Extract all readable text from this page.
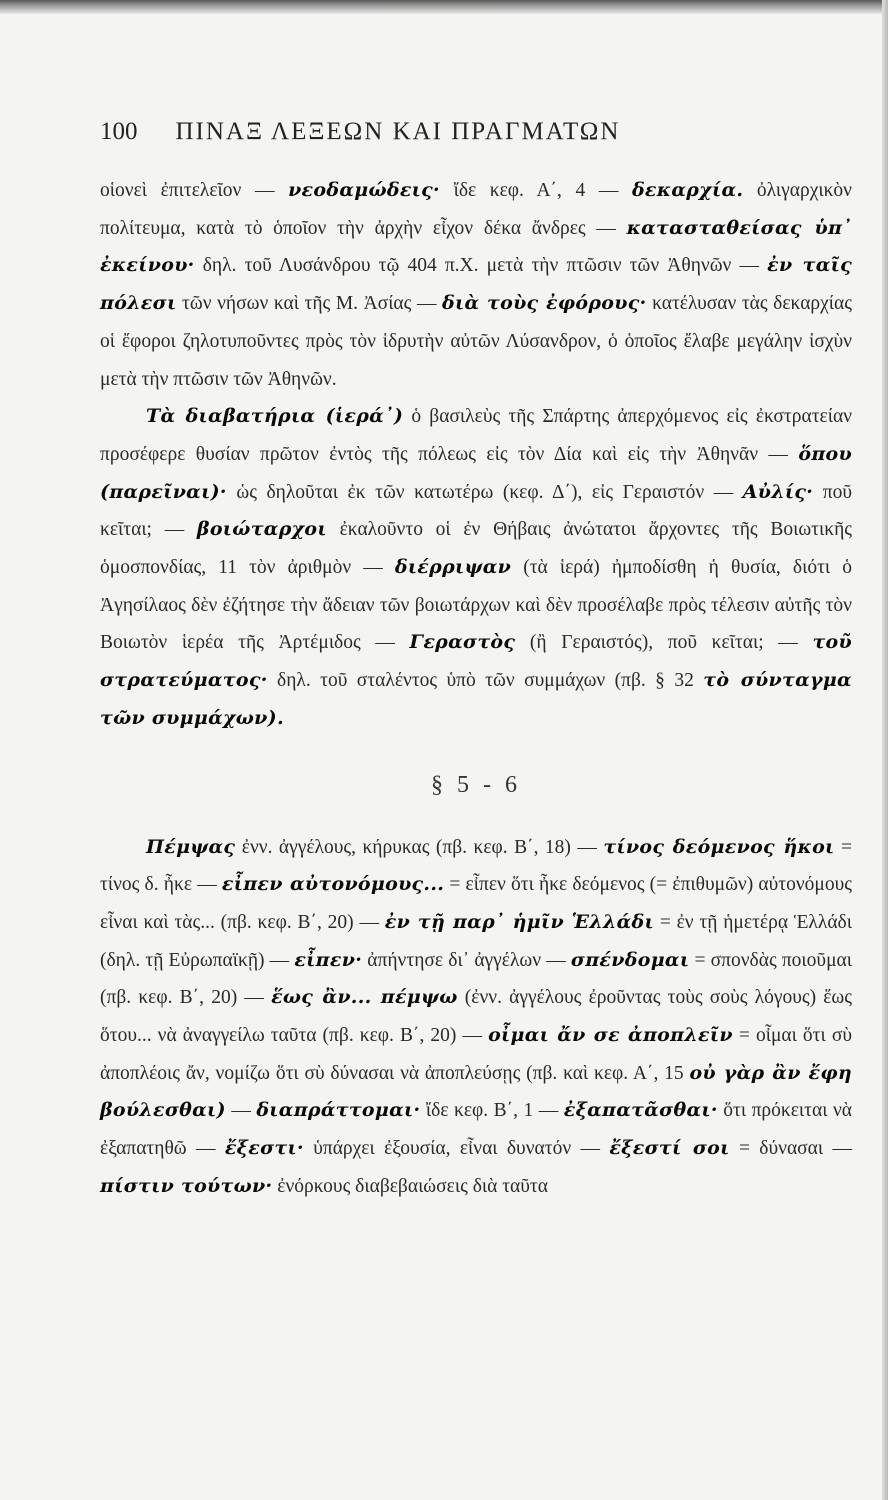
100 ΠΙΝΑΞ ΛΕΞΕΩΝ ΚΑΙ ΠΡΑΓΜΑΤΩΝ
οἱονεὶ ἐπιτελεῖον — νεοδαμώδεις· ἴδε κεφ. Α΄, 4 — δεκαρχία. ὀλιγαρχικὸν πολίτευμα, κατὰ τὸ ὁποῖον τὴν ἀρχὴν εἶχον δέκα ἄνδρες — κατασταθείσας ὑπ᾽ ἐκείνου· δηλ. τοῦ Λυσάνδρου τῷ 404 π.Χ. μετὰ τὴν πτῶσιν τῶν Ἀθηνῶν — ἐν ταῖς πόλεσι τῶν νήσων καὶ τῆς Μ. Ἀσίας — διὰ τοὺς ἐφόρους· κατέλυσαν τὰς δεκαρχίας οἱ ἔφοροι ζηλοτυποῦντες πρὸς τὸν ἱδρυτὴν αὐτῶν Λύσανδρον, ὁ ὁποῖος ἔλαβε μεγάλην ἰσχὺν μετὰ τὴν πτῶσιν τῶν Ἀθηνῶν.
Τὰ διαβατήρια (ἱερά᾽) ὁ βασιλεὺς τῆς Σπάρτης ἀπερχόμενος εἰς ἐκστρατείαν προσέφερε θυσίαν πρῶτον ἐντὸς τῆς πόλεως εἰς τὸν Δία καὶ εἰς τὴν Ἀθηνᾶν — ὅπου (παρεῖναι)· ὡς δηλοῦται ἐκ τῶν κατωτέρω (κεφ. Δ΄), εἰς Γεραιστόν — Αὐλίς· ποῦ κεῖται; — βοιώταρχοι ἐκαλοῦντο οἱ ἐν Θήβαις ἀνώτατοι ἄρχοντες τῆς Βοιωτικῆς ὁμοσπονδίας, 11 τὸν ἀριθμὸν — διέρριψαν (τὰ ἱερά) ἠμποδίσθη ἡ θυσία, διότι ὁ Ἀγησίλαος δὲν ἐζήτησε τὴν ἄδειαν τῶν βοιωτάρχων καὶ δὲν προσέλαβε πρὸς τέλεσιν αὐτῆς τὸν Βοιωτὸν ἱερέα τῆς Ἀρτέμιδος — Γεραστὸς (ἢ Γεραιστός), ποῦ κεῖται; — τοῦ στρατεύματος· δηλ. τοῦ σταλέντος ὑπὸ τῶν συμμάχων (πβ. § 32 τὸ σύνταγμα τῶν συμμάχων).
§ 5 - 6
Πέμψας ἐνν. ἀγγέλους, κήρυκας (πβ. κεφ. Β΄, 18) — τίνος δεόμενος ἥκοι = τίνος δ. ἦκε — εἶπεν αὐτονόμους... = εἶπεν ὅτι ἦκε δεόμενος (= ἐπιθυμῶν) αὐτονόμους εἶναι καὶ τὰς... (πβ. κεφ. Β΄, 20) — ἐν τῇ παρ᾽ ἡμῖν Ἑλλάδι = ἐν τῇ ἡμετέρᾳ Ἑλλάδι (δηλ. τῇ Εὐρωπαϊκῇ) — εἶπεν· ἀπήντησε δι᾽ ἀγγέλων — σπένδομαι = σπονδὰς ποιοῦμαι (πβ. κεφ. Β΄, 20) — ἕως ἂν... πέμψω (ἐνν. ἀγγέλους ἐροῦντας τοὺς σοὺς λόγους) ἕως ὅτου... νὰ ἀναγγείλω ταῦτα (πβ. κεφ. Β΄, 20) — οἶμαι ἄν σε ἀποπλεῖν = οἶμαι ὅτι σὺ ἀποπλέοις ἄν, νομίζω ὅτι σὺ δύνασαι νὰ ἀποπλεύσῃς (πβ. καὶ κεφ. Α΄, 15 οὐ γὰρ ἂν ἔφη βούλεσθαι) — διαπράττομαι· ἴδε κεφ. Β΄, 1 — ἐξαπατᾶσθαι· ὅτι πρόκειται νὰ ἐξαπατηθῶ — ἔξεστι· ὑπάρχει ἐξουσία, εἶναι δυνατόν — ἔξεστί σοι = δύνασαι — πίστιν τούτων· ἐνόρκους διαβεβαιώσεις διὰ ταῦτα
